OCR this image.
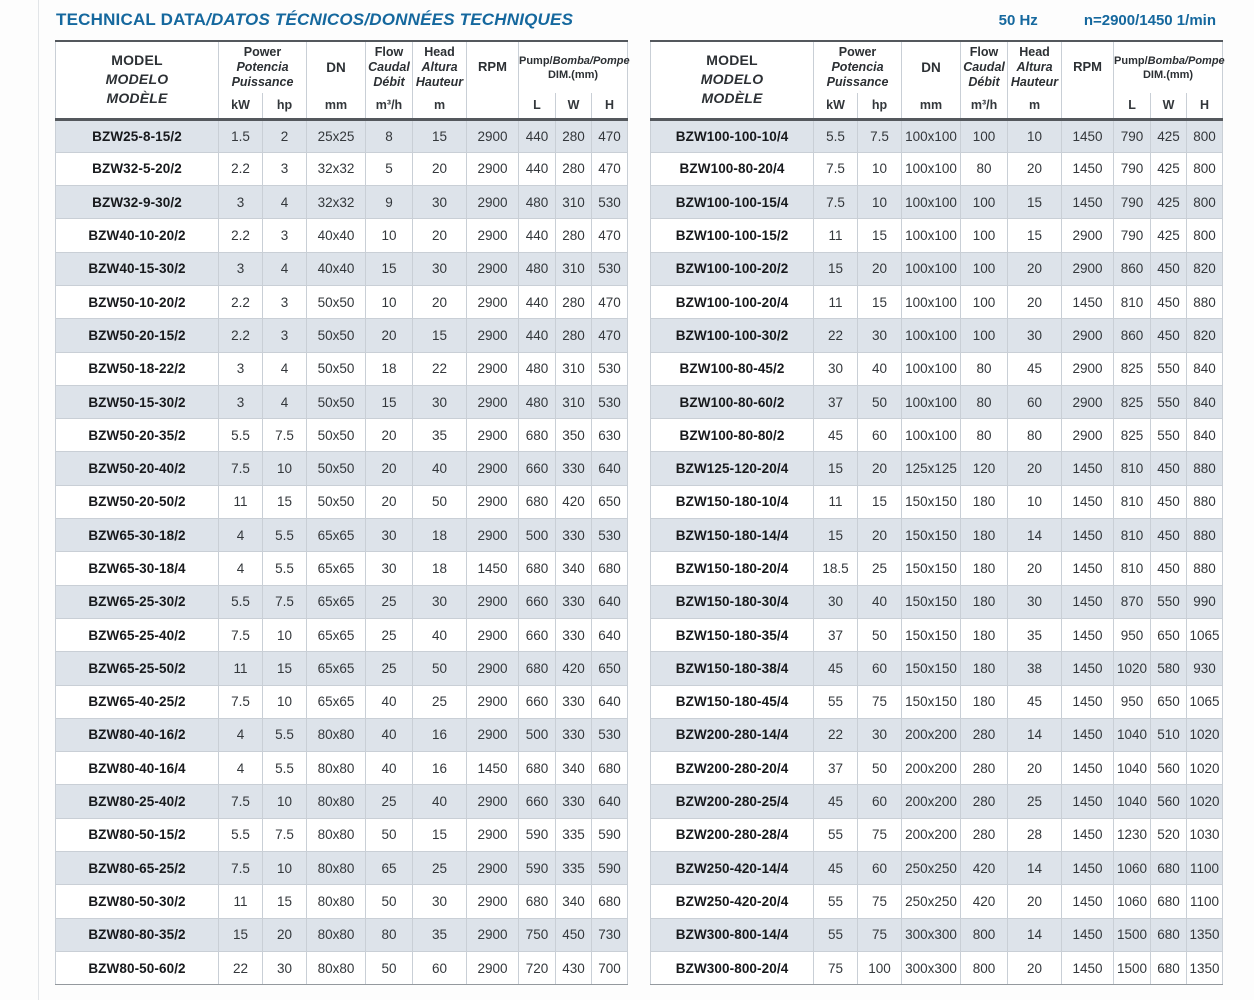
TECHNICAL DATA/DATOS TÉCNICOS/DONNÉES TECHNIQUES	50 Hz	n=2900/1450 1/min
MODEL
MODELO
MODÈLE	Power
Potencia
Puissance		DN	Flow
Caudal
Débit	Head
Altura
Hauteur	RPM	Pump/Bomba/Pompe
DIM.(mm)		

	kW	hp	mm	m³/h	m		L	W	H
BZW25-8-15/2	1.5	2	25x25	8	15	2900	440	280	470
BZW32-5-20/2	2.2	3	32x32	5	20	2900	440	280	470
BZW32-9-30/2	3	4	32x32	9	30	2900	480	310	530
BZW40-10-20/2	2.2	3	40x40	10	20	2900	440	280	470
BZW40-15-30/2	3	4	40x40	15	30	2900	480	310	530
BZW50-10-20/2	2.2	3	50x50	10	20	2900	440	280	470
BZW50-20-15/2	2.2	3	50x50	20	15	2900	440	280	470
BZW50-18-22/2	3	4	50x50	18	22	2900	480	310	530
BZW50-15-30/2	3	4	50x50	15	30	2900	480	310	530
BZW50-20-35/2	5.5	7.5	50x50	20	35	2900	680	350	630
BZW50-20-40/2	7.5	10	50x50	20	40	2900	660	330	640
BZW50-20-50/2	11	15	50x50	20	50	2900	680	420	650
BZW65-30-18/2	4	5.5	65x65	30	18	2900	500	330	530
BZW65-30-18/4	4	5.5	65x65	30	18	1450	680	340	680
BZW65-25-30/2	5.5	7.5	65x65	25	30	2900	660	330	640
BZW65-25-40/2	7.5	10	65x65	25	40	2900	660	330	640
BZW65-25-50/2	11	15	65x65	25	50	2900	680	420	650
BZW65-40-25/2	7.5	10	65x65	40	25	2900	660	330	640
BZW80-40-16/2	4	5.5	80x80	40	16	2900	500	330	530
BZW80-40-16/4	4	5.5	80x80	40	16	1450	680	340	680
BZW80-25-40/2	7.5	10	80x80	25	40	2900	660	330	640
BZW80-50-15/2	5.5	7.5	80x80	50	15	2900	590	335	590
BZW80-65-25/2	7.5	10	80x80	65	25	2900	590	335	590
BZW80-50-30/2	11	15	80x80	50	30	2900	680	340	680
BZW80-80-35/2	15	20	80x80	80	35	2900	750	450	730
BZW80-50-60/2	22	30	80x80	50	60	2900	720	430	700
MODEL
MODELO
MODÈLE	Power
Potencia
Puissance		DN	Flow
Caudal
Débit	Head
Altura
Hauteur	RPM	Pump/Bomba/Pompe
DIM.(mm)		

	kW	hp	mm	m³/h	m		L	W	H
BZW100-100-10/4	5.5	7.5	100x100	100	10	1450	790	425	800
BZW100-80-20/4	7.5	10	100x100	80	20	1450	790	425	800
BZW100-100-15/4	7.5	10	100x100	100	15	1450	790	425	800
BZW100-100-15/2	11	15	100x100	100	15	2900	790	425	800
BZW100-100-20/2	15	20	100x100	100	20	2900	860	450	820
BZW100-100-20/4	11	15	100x100	100	20	1450	810	450	880
BZW100-100-30/2	22	30	100x100	100	30	2900	860	450	820
BZW100-80-45/2	30	40	100x100	80	45	2900	825	550	840
BZW100-80-60/2	37	50	100x100	80	60	2900	825	550	840
BZW100-80-80/2	45	60	100x100	80	80	2900	825	550	840
BZW125-120-20/4	15	20	125x125	120	20	1450	810	450	880
BZW150-180-10/4	11	15	150x150	180	10	1450	810	450	880
BZW150-180-14/4	15	20	150x150	180	14	1450	810	450	880
BZW150-180-20/4	18.5	25	150x150	180	20	1450	810	450	880
BZW150-180-30/4	30	40	150x150	180	30	1450	870	550	990
BZW150-180-35/4	37	50	150x150	180	35	1450	950	650	1065
BZW150-180-38/4	45	60	150x150	180	38	1450	1020	580	930
BZW150-180-45/4	55	75	150x150	180	45	1450	950	650	1065
BZW200-280-14/4	22	30	200x200	280	14	1450	1040	510	1020
BZW200-280-20/4	37	50	200x200	280	20	1450	1040	560	1020
BZW200-280-25/4	45	60	200x200	280	25	1450	1040	560	1020
BZW200-280-28/4	55	75	200x200	280	28	1450	1230	520	1030
BZW250-420-14/4	45	60	250x250	420	14	1450	1060	680	1100
BZW250-420-20/4	55	75	250x250	420	20	1450	1060	680	1100
BZW300-800-14/4	55	75	300x300	800	14	1450	1500	680	1350
BZW300-800-20/4	75	100	300x300	800	20	1450	1500	680	1350
